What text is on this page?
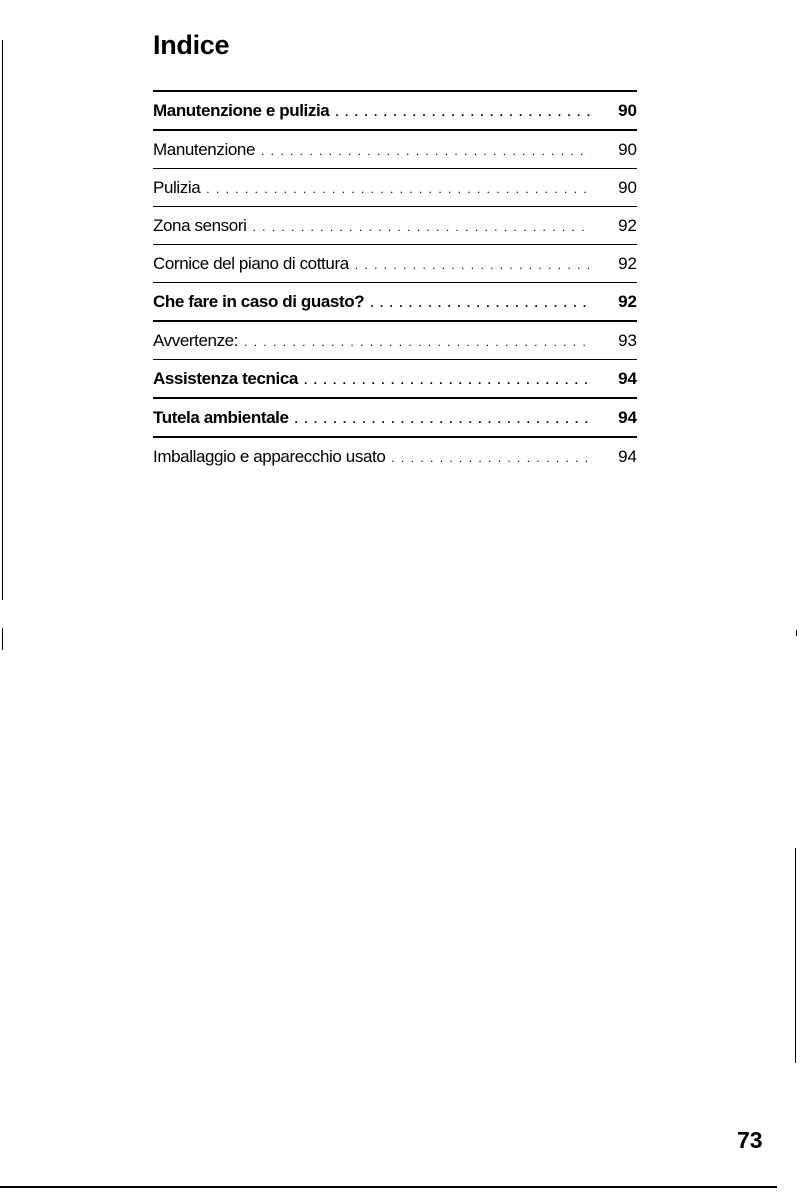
Indice
Manutenzione e pulizia . . .	90
Manutenzione . . .	90
Pulizia . . .	90
Zona sensori . . .	92
Cornice del piano di cottura . . .	92
Che fare in caso di guasto? . . .	92
Avvertenze: . . .	93
Assistenza tecnica . . .	94
Tutela ambientale . . .	94
Imballaggio e apparecchio usato . . .	94
73
